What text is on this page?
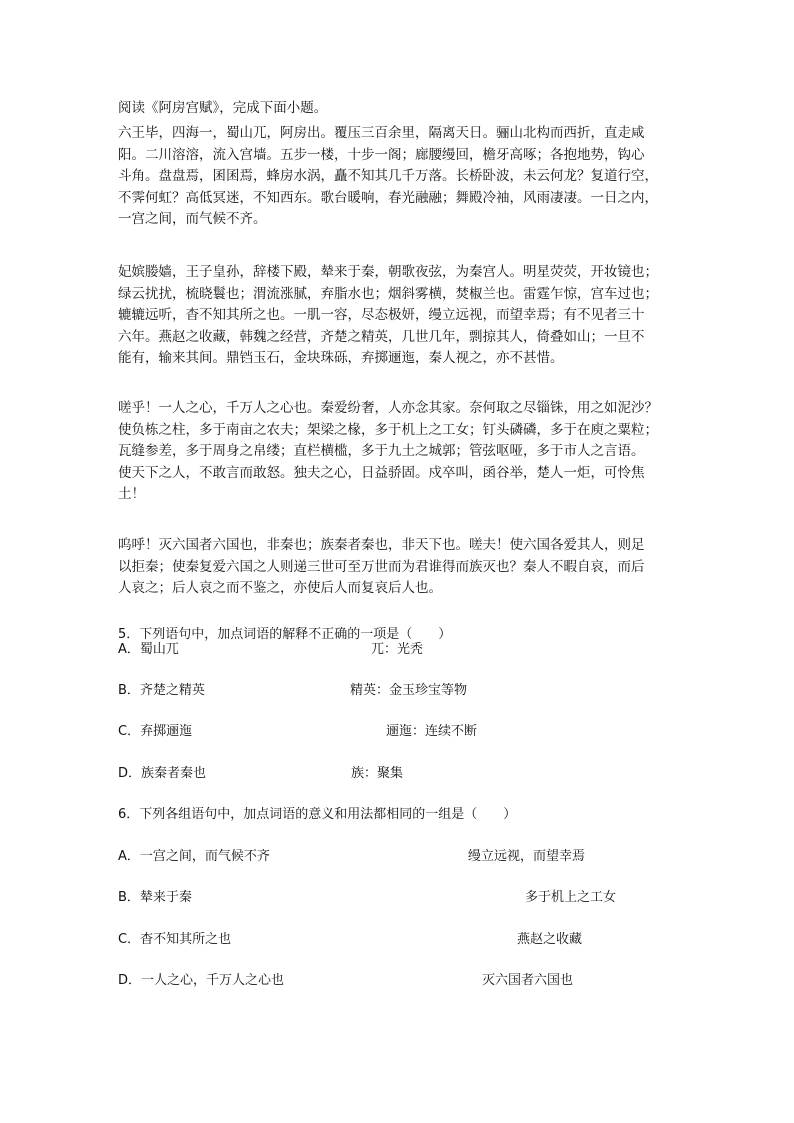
阅读《阿房宫赋》，完成下面小题。
六王毕，四海一，蜀山兀，阿房出。覆压三百余里，隔离天日。骊山北构而西折，直走咸
阳。二川溶溶，流入宫墙。五步一楼，十步一阁；廊腰缦回，檐牙高啄；各抱地势，钩心
斗角。盘盘焉，囷囷焉，蜂房水涡，矗不知其几千万落。长桥卧波，未云何龙？复道行空，
不霁何虹？高低冥迷，不知西东。歌台暖响，春光融融；舞殿冷袖，风雨凄凄。一日之内，
一宫之间，而气候不齐。
妃嫔媵嫱，王子皇孙，辞楼下殿，辇来于秦，朝歌夜弦，为秦宫人。明星荧荧，开妆镜也；
绿云扰扰，梳晓鬟也；渭流涨腻，弃脂水也；烟斜雾横，焚椒兰也。雷霆乍惊，宫车过也；
辘辘远听，杳不知其所之也。一肌一容，尽态极妍，缦立远视，而望幸焉；有不见者三十
六年。燕赵之收藏，韩魏之经营，齐楚之精英，几世几年，剽掠其人，倚叠如山；一旦不
能有，输来其间。鼎铛玉石，金块珠砾，弃掷逦迤，秦人视之，亦不甚惜。
嗟乎！一人之心，千万人之心也。秦爱纷奢，人亦念其家。奈何取之尽锱铢，用之如泥沙？
使负栋之柱，多于南亩之农夫；架梁之椽，多于机上之工女；钉头磷磷，多于在庾之粟粒；
瓦缝参差，多于周身之帛缕；直栏横槛，多于九土之城郭；管弦呕哑，多于市人之言语。
使天下之人，不敢言而敢怒。独夫之心，日益骄固。戍卒叫，函谷举，楚人一炬，可怜焦
土！
呜呼！灭六国者六国也，非秦也；族秦者秦也，非天下也。嗟夫！使六国各爱其人，则足
以拒秦；使秦复爱六国之人则递三世可至万世而为君谁得而族灭也？秦人不暇自哀，而后
人哀之；后人哀之而不鉴之，亦使后人而复哀后人也。
5．下列语句中，加点词语的解释不正确的一项是（　　）
A．蜀山兀	兀：光秃
B．齐楚之精英	精英：金玉珍宝等物
C．弃掷逦迤	逦迤：连续不断
D．族秦者秦也	族：聚集
6．下列各组语句中，加点词语的意义和用法都相同的一组是（　　）
A．一宫之间，而气候不齐	缦立远视，而望幸焉
B．辇来于秦	多于机上之工女
C．杳不知其所之也	燕赵之收藏
D．一人之心，千万人之心也	灭六国者六国也
